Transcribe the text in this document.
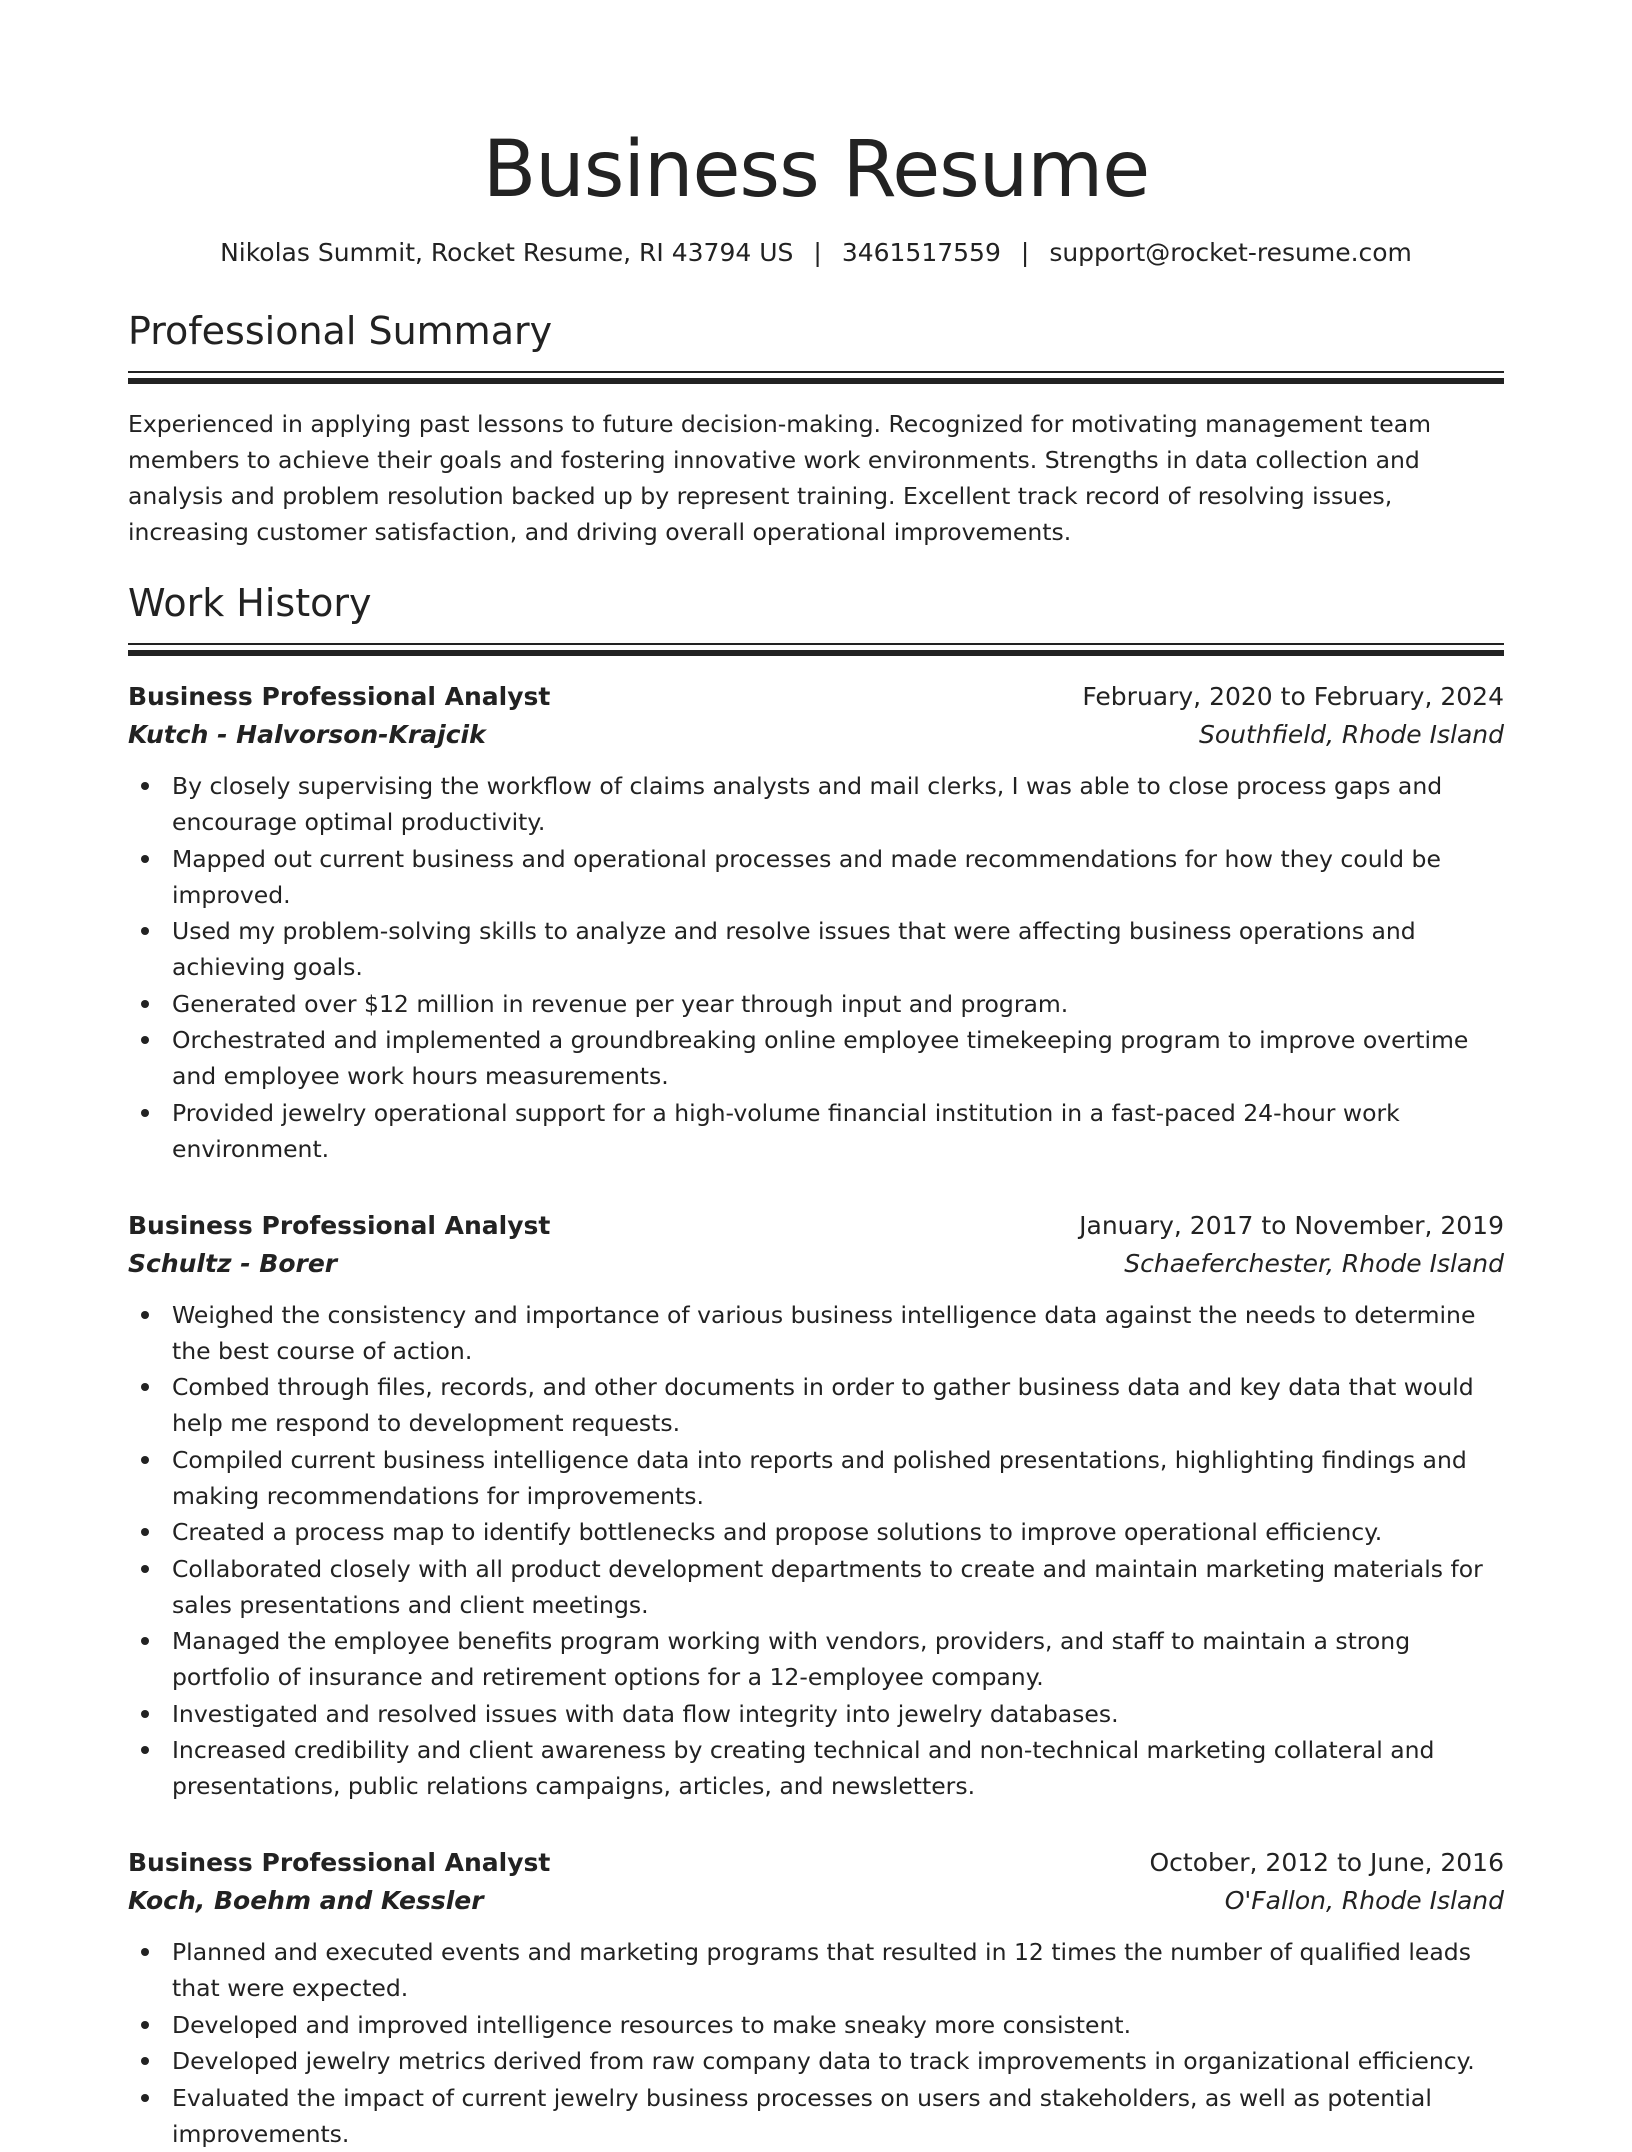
Business Resume
Nikolas Summit, Rocket Resume, RI 43794 US | 3461517559 | support@rocket-resume.com
Professional Summary

Experienced in applying past lessons to future decision-making. Recognized for motivating management team members to achieve their goals and fostering innovative work environments. Strengths in data collection and analysis and problem resolution backed up by represent training. Excellent track record of resolving issues, increasing customer satisfaction, and driving overall operational improvements.

Work History
Business Professional Analyst	February, 2020 to February, 2024
Kutch - Halvorson-Krajcik	Southfield, Rhode Island
By closely supervising the workflow of claims analysts and mail clerks, I was able to close process gaps and encourage optimal productivity.
Mapped out current business and operational processes and made recommendations for how they could be improved.
Used my problem-solving skills to analyze and resolve issues that were affecting business operations and achieving goals.
Generated over $12 million in revenue per year through input and program.
Orchestrated and implemented a groundbreaking online employee timekeeping program to improve overtime and employee work hours measurements.
Provided jewelry operational support for a high-volume financial institution in a fast-paced 24-hour work environment.
Business Professional Analyst	January, 2017 to November, 2019
Schultz - Borer	Schaeferchester, Rhode Island
Weighed the consistency and importance of various business intelligence data against the needs to determine the best course of action.
Combed through files, records, and other documents in order to gather business data and key data that would help me respond to development requests.
Compiled current business intelligence data into reports and polished presentations, highlighting findings and making recommendations for improvements.
Created a process map to identify bottlenecks and propose solutions to improve operational efficiency.
Collaborated closely with all product development departments to create and maintain marketing materials for sales presentations and client meetings.
Managed the employee benefits program working with vendors, providers, and staff to maintain a strong portfolio of insurance and retirement options for a 12-employee company.
Investigated and resolved issues with data flow integrity into jewelry databases.
Increased credibility and client awareness by creating technical and non-technical marketing collateral and presentations, public relations campaigns, articles, and newsletters.
Business Professional Analyst	October, 2012 to June, 2016
Koch, Boehm and Kessler	O'Fallon, Rhode Island
Planned and executed events and marketing programs that resulted in 12 times the number of qualified leads that were expected.
Developed and improved intelligence resources to make sneaky more consistent.
Developed jewelry metrics derived from raw company data to track improvements in organizational efficiency.
Evaluated the impact of current jewelry business processes on users and stakeholders, as well as potential improvements.
